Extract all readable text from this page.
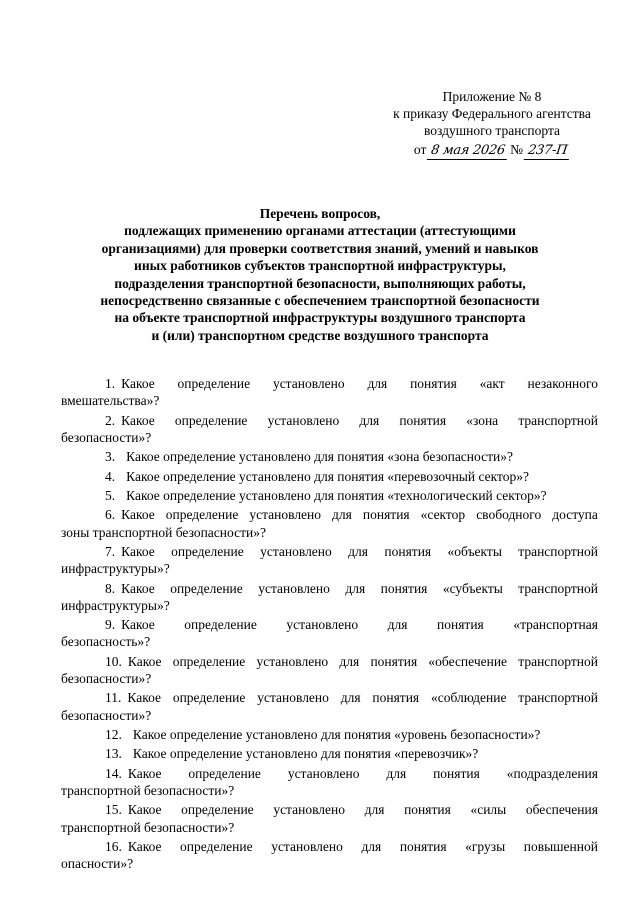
Приложение № 8
к приказу Федерального агентства
воздушного транспорта
от 8 мая 2026 № 237-П
Перечень вопросов,
подлежащих применению органами аттестации (аттестующими
организациями) для проверки соответствия знаний, умений и навыков
иных работников субъектов транспортной инфраструктуры,
подразделения транспортной безопасности, выполняющих работы,
непосредственно связанные с обеспечением транспортной безопасности
на объекте транспортной инфраструктуры воздушного транспорта
и (или) транспортном средстве воздушного транспорта
1. Какое определение установлено для понятия «акт незаконного
вмешательства»?
2. Какое определение установлено для понятия «зона транспортной
безопасности»?
3. Какое определение установлено для понятия «зона безопасности»?
4. Какое определение установлено для понятия «перевозочный сектор»?
5. Какое определение установлено для понятия «технологический сектор»?
6. Какое определение установлено для понятия «сектор свободного доступа
зоны транспортной безопасности»?
7. Какое определение установлено для понятия «объекты транспортной
инфраструктуры»?
8. Какое определение установлено для понятия «субъекты транспортной
инфраструктуры»?
9. Какое определение установлено для понятия «транспортная
безопасность»?
10. Какое определение установлено для понятия «обеспечение транспортной
безопасности»?
11. Какое определение установлено для понятия «соблюдение транспортной
безопасности»?
12. Какое определение установлено для понятия «уровень безопасности»?
13. Какое определение установлено для понятия «перевозчик»?
14. Какое определение установлено для понятия «подразделения
транспортной безопасности»?
15. Какое определение установлено для понятия «силы обеспечения
транспортной безопасности»?
16. Какое определение установлено для понятия «грузы повышенной
опасности»?
